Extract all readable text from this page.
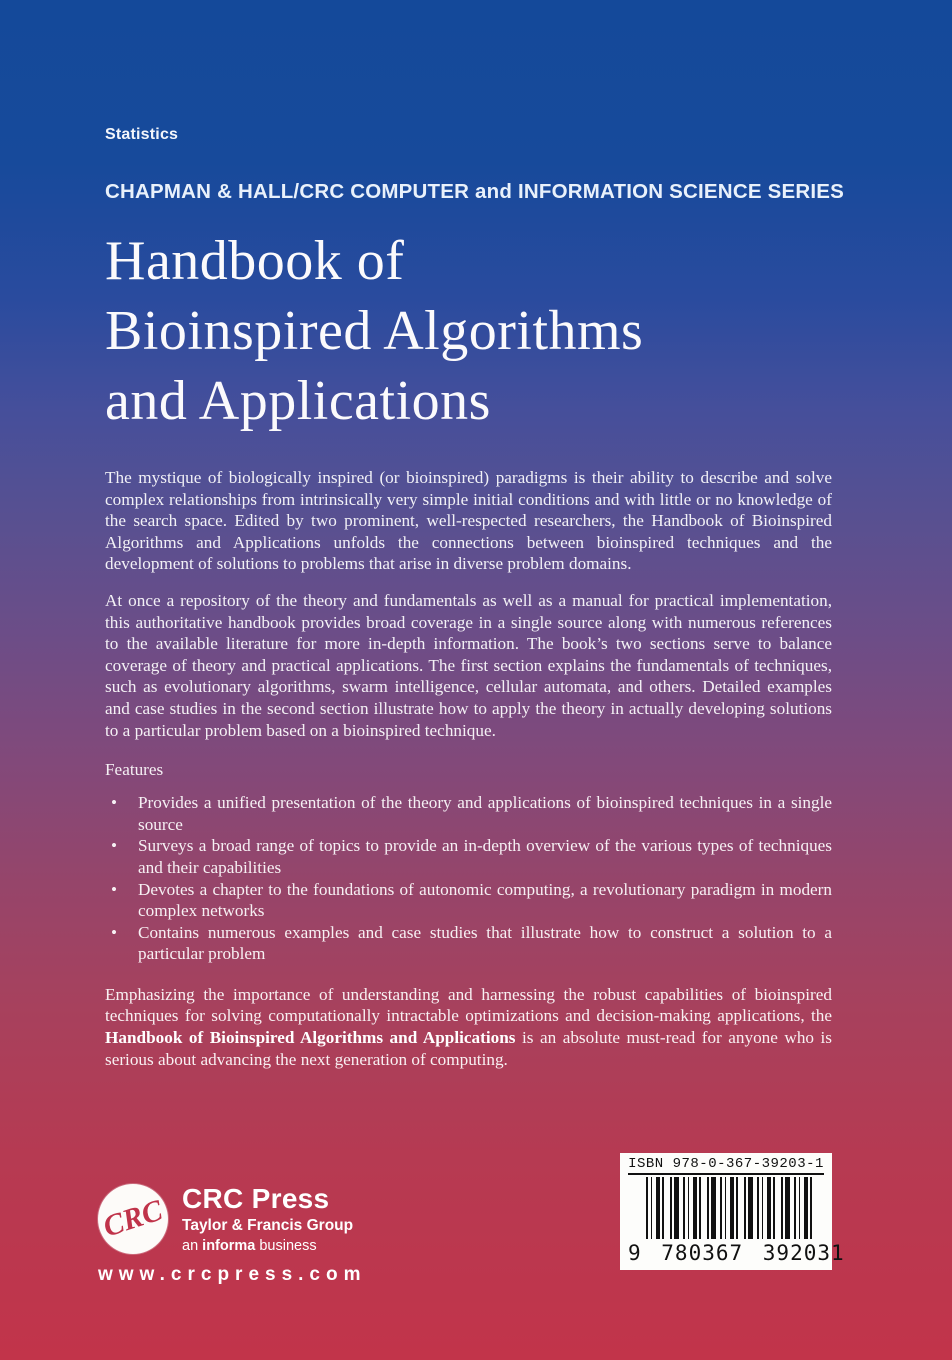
Statistics
CHAPMAN & HALL/CRC COMPUTER and INFORMATION SCIENCE SERIES
Handbook of
Bioinspired Algorithms
and Applications

The mystique of biologically inspired (or bioinspired) paradigms is their ability to describe and solve complex relationships from intrinsically very simple initial conditions and with little or no knowledge of the search space. Edited by two prominent, well-respected researchers, the Handbook of Bioinspired Algorithms and Applications unfolds the connections between bioinspired techniques and the development of solutions to problems that arise in diverse problem domains.

At once a repository of the theory and fundamentals as well as a manual for practical implementation, this authoritative handbook provides broad coverage in a single source along with numerous references to the available literature for more in-depth information. The book’s two sections serve to balance coverage of theory and practical applications. The first section explains the fundamentals of techniques, such as evolutionary algorithms, swarm intelligence, cellular automata, and others. Detailed examples and case studies in the second section illustrate how to apply the theory in actually developing solutions to a particular problem based on a bioinspired technique.

Features
• Provides a unified presentation of the theory and applications of bioinspired techniques in a single source
• Surveys a broad range of topics to provide an in-depth overview of the various types of techniques and their capabilities
• Devotes a chapter to the foundations of autonomic computing, a revolutionary paradigm in modern complex networks
• Contains numerous examples and case studies that illustrate how to construct a solution to a particular problem

Emphasizing the importance of understanding and harnessing the robust capabilities of bioinspired techniques for solving computationally intractable optimizations and decision-making applications, the Handbook of Bioinspired Algorithms and Applications is an absolute must-read for anyone who is serious about advancing the next generation of computing.

CRC CRC Press
Taylor & Francis Group
an informa business
www.crcpress.com
ISBN 978-0-367-39203-1
9 780367 392031
